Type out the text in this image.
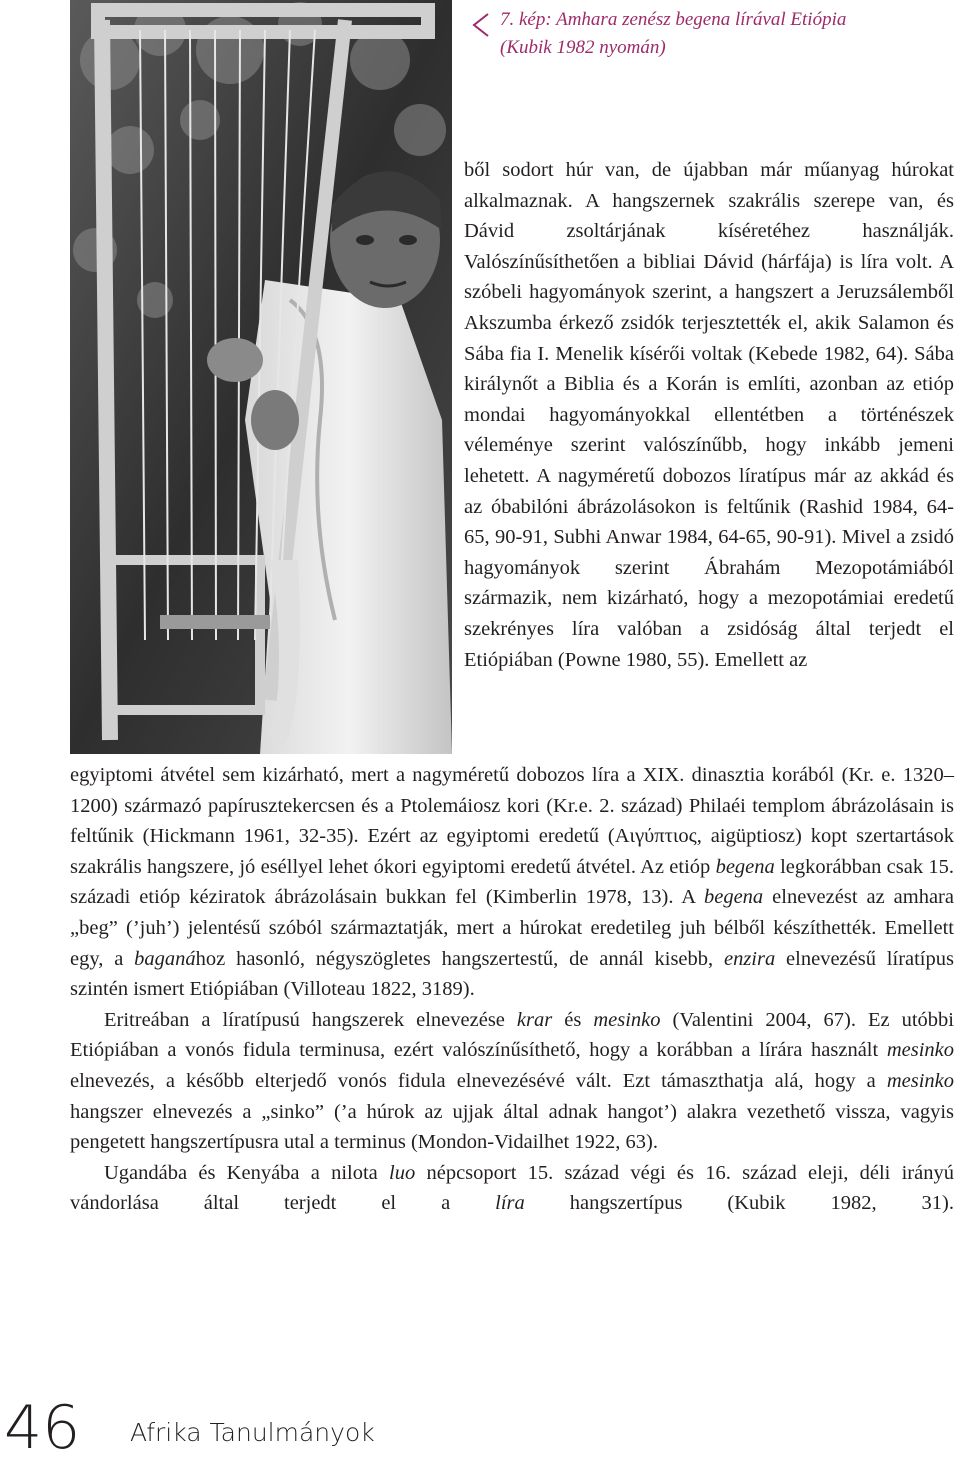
7. kép: Amhara zenész begena lírával Etiópia
(Kubik 1982 nyomán)

ből sodort húr van, de újabban már műanyag húrokat alkalmaznak. A hangszernek szakrális szerepe van, és Dávid zsoltárjának kíséretéhez használják. Valószínűsíthetően a bibliai Dávid (hárfája) is líra volt. A szóbeli hagyományok szerint, a hangszert a Jeruzsálemből Akszumba érkező zsidók terjesztették el, akik Salamon és Sába fia I. Menelik kísérői voltak (Kebede 1982, 64). Sába királynőt a Biblia és a Korán is említi, azonban az etióp mondai hagyományokkal ellentétben a történészek véleménye szerint valószínűbb, hogy inkább jemeni lehetett. A nagyméretű dobozos líratípus már az akkád és az óbabilóni ábrázolásokon is feltűnik (Rashid 1984, 64-65, 90-91, Subhi Anwar 1984, 64-65, 90-91). Mivel a zsidó hagyományok szerint Ábrahám Mezopotámiából származik, nem kizárható, hogy a mezopotámiai eredetű szekrényes líra valóban a zsidóság által terjedt el Etiópiában (Powne 1980, 55). Emellett az

egyiptomi átvétel sem kizárható, mert a nagyméretű dobozos líra a XIX. dinasztia korából (Kr. e. 1320–1200) származó papírusztekercsen és a Ptolemáiosz kori (Kr.e. 2. század) Philaéi templom ábrázolásain is feltűnik (Hickmann 1961, 32-35). Ezért az egyiptomi eredetű (Αιγύπτιος, aigüptiosz) kopt szertartások szakrális hangszere, jó eséllyel lehet ókori egyiptomi eredetű átvétel. Az etióp begena legkorábban csak 15. századi etióp kéziratok ábrázolásain bukkan fel (Kimberlin 1978, 13). A begena elnevezést az amhara „beg” (’juh’) jelentésű szóból származtatják, mert a húrokat eredetileg juh bélből készíthették. Emellett egy, a baganához hasonló, négyszögletes hangszertestű, de annál kisebb, enzira elnevezésű líratípus szintén ismert Etiópiában (Villoteau 1822, 3189).

Eritreában a líratípusú hangszerek elnevezése krar és mesinko (Valentini 2004, 67). Ez utóbbi Etiópiában a vonós fidula terminusa, ezért valószínűsíthető, hogy a korábban a lírára használt mesinko elnevezés, a később elterjedő vonós fidula elnevezésévé vált. Ezt támaszthatja alá, hogy a mesinko hangszer elnevezés a „sinko” (’a húrok az ujjak által adnak hangot’) alakra vezethető vissza, vagyis pengetett hangszertípusra utal a terminus (Mondon-Vidailhet 1922, 63).

Ugandába és Kenyába a nilota luo népcsoport 15. század végi és 16. század eleji, déli irányú vándorlása által terjedt el a líra hangszertípus (Kubik 1982, 31).

46 Afrika Tanulmányok
